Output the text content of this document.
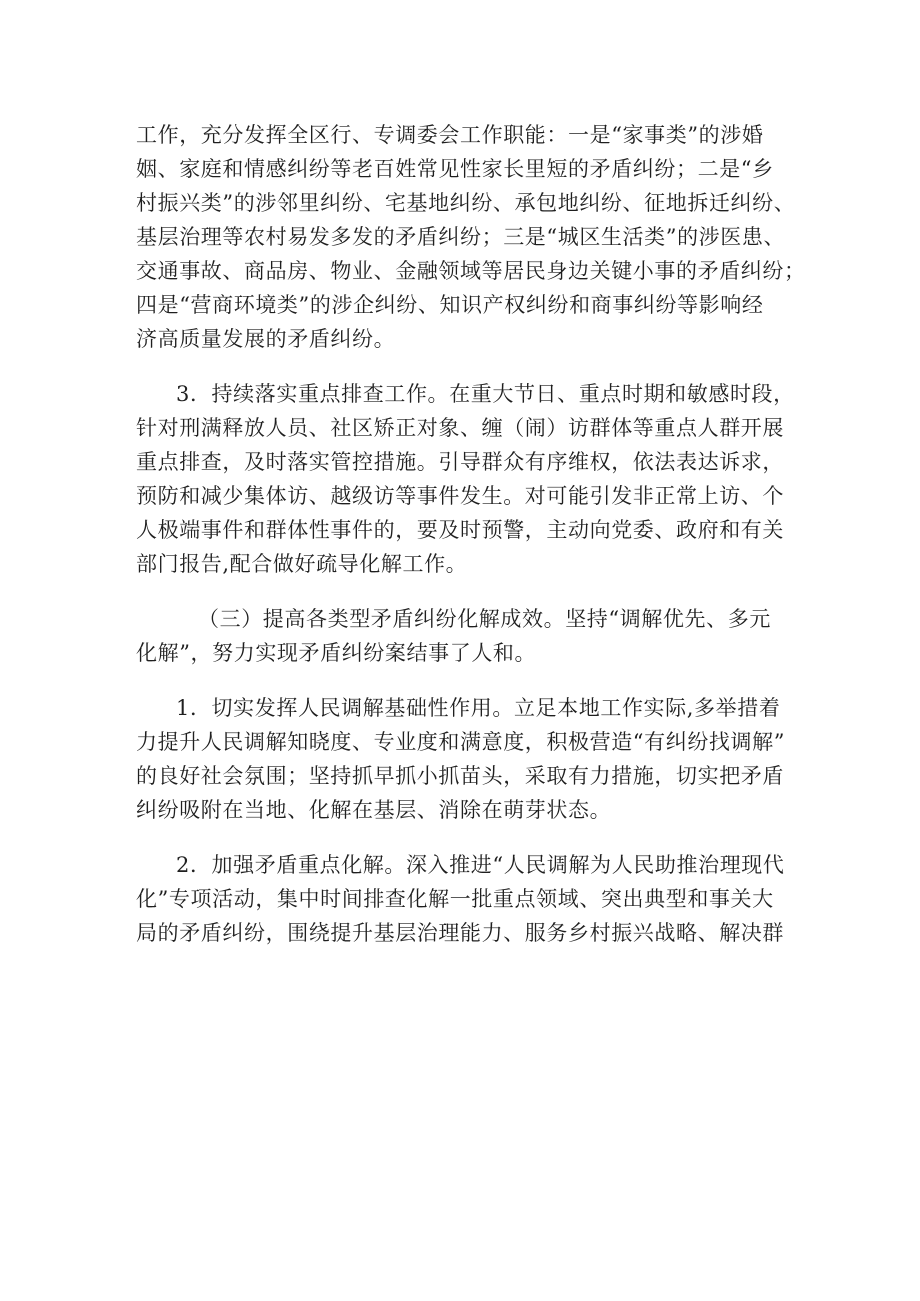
工作，充分发挥全区行、专调委会工作职能：一是“家事类”的涉婚
姻、家庭和情感纠纷等老百姓常见性家长里短的矛盾纠纷；二是“乡
村振兴类”的涉邻里纠纷、宅基地纠纷、承包地纠纷、征地拆迁纠纷、
基层治理等农村易发多发的矛盾纠纷；三是“城区生活类”的涉医患、
交通事故、商品房、物业、金融领域等居民身边关键小事的矛盾纠纷；
四是“营商环境类”的涉企纠纷、知识产权纠纷和商事纠纷等影响经
济高质量发展的矛盾纠纷。
3．持续落实重点排查工作。在重大节日、重点时期和敏感时段，
针对刑满释放人员、社区矫正对象、缠（闹）访群体等重点人群开展
重点排查，及时落实管控措施。引导群众有序维权，依法表达诉求，
预防和减少集体访、越级访等事件发生。对可能引发非正常上访、个
人极端事件和群体性事件的，要及时预警，主动向党委、政府和有关
部门报告,配合做好疏导化解工作。
（三）提高各类型矛盾纠纷化解成效。坚持“调解优先、多元
化解”，努力实现矛盾纠纷案结事了人和。
1．切实发挥人民调解基础性作用。立足本地工作实际,多举措着
力提升人民调解知晓度、专业度和满意度，积极营造“有纠纷找调解”
的良好社会氛围；坚持抓早抓小抓苗头，采取有力措施，切实把矛盾
纠纷吸附在当地、化解在基层、消除在萌芽状态。
2．加强矛盾重点化解。深入推进“人民调解为人民助推治理现代
化”专项活动，集中时间排查化解一批重点领域、突出典型和事关大
局的矛盾纠纷，围绕提升基层治理能力、服务乡村振兴战略、解决群
